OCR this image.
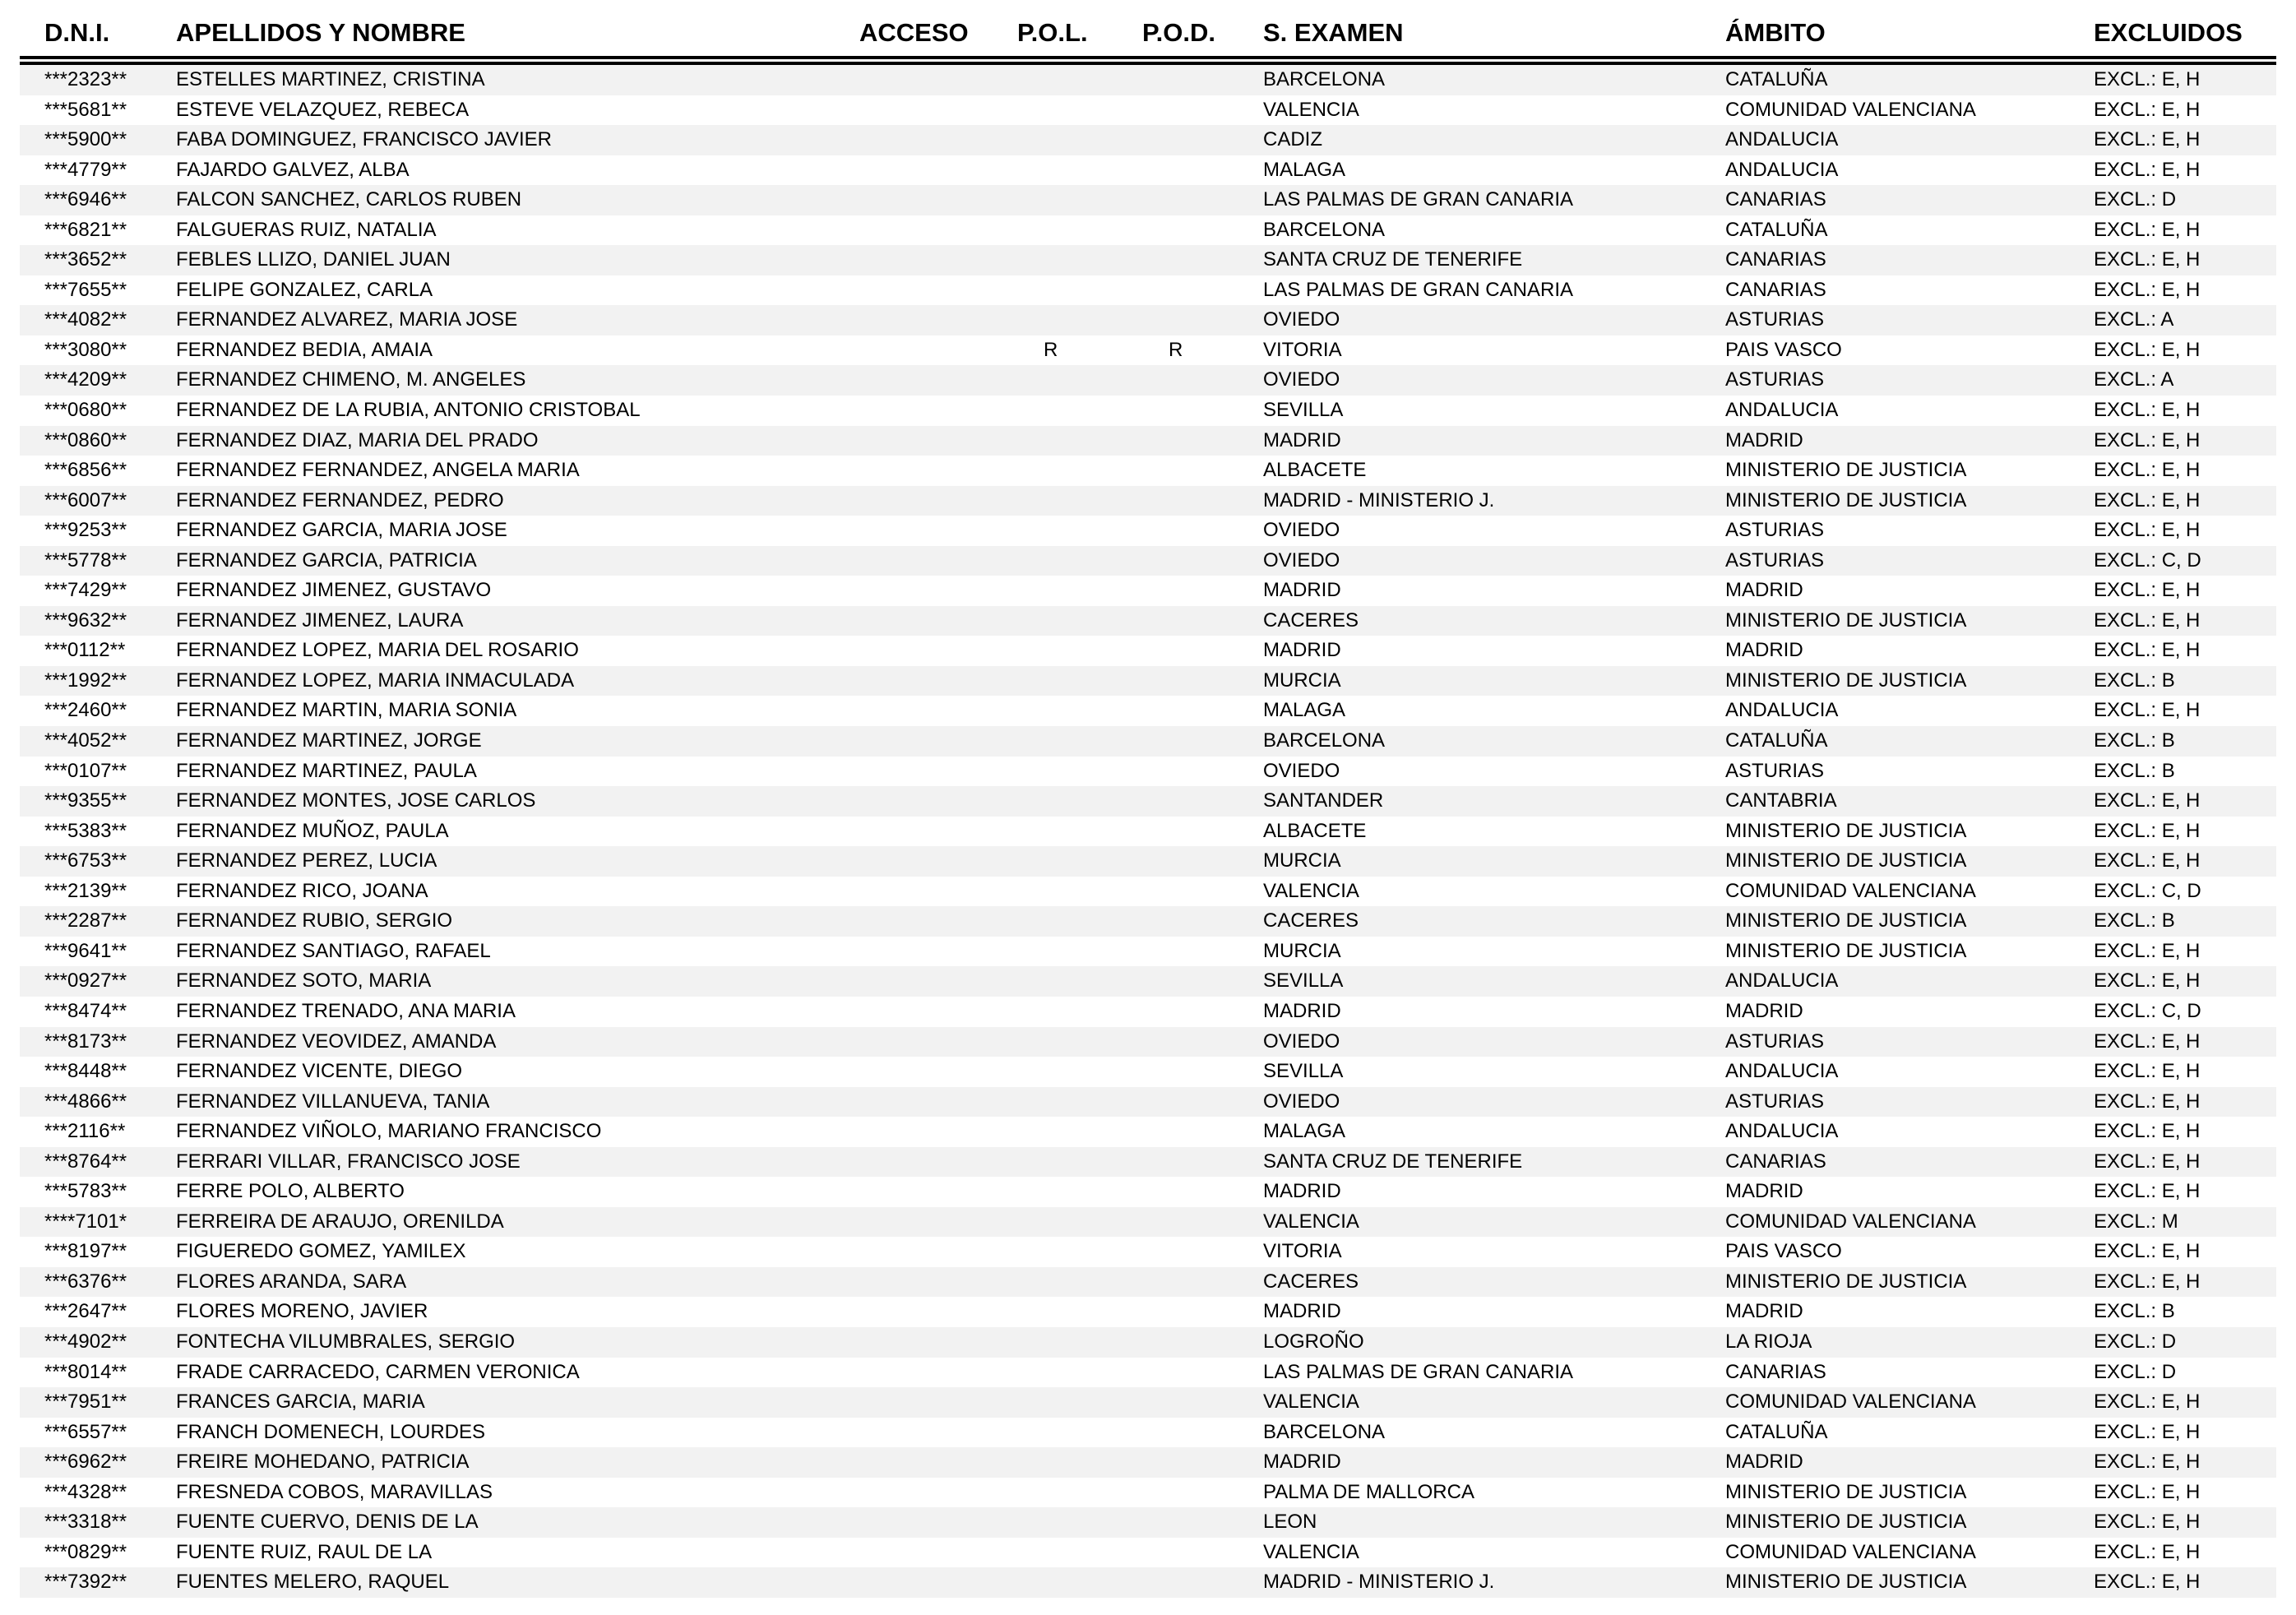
D.N.I.	APELLIDOS Y NOMBRE	ACCESO	P.O.L.	P.O.D.	S. EXAMEN	ÁMBITO	EXCLUIDOS
***2323**	ESTELLES MARTINEZ, CRISTINA				BARCELONA	CATALUÑA	EXCL.: E, H
***5681**	ESTEVE VELAZQUEZ, REBECA				VALENCIA	COMUNIDAD VALENCIANA	EXCL.: E, H
***5900**	FABA DOMINGUEZ, FRANCISCO JAVIER				CADIZ	ANDALUCIA	EXCL.: E, H
***4779**	FAJARDO GALVEZ, ALBA				MALAGA	ANDALUCIA	EXCL.: E, H
***6946**	FALCON SANCHEZ, CARLOS RUBEN				LAS PALMAS DE GRAN CANARIA	CANARIAS	EXCL.: D
***6821**	FALGUERAS RUIZ, NATALIA				BARCELONA	CATALUÑA	EXCL.: E, H
***3652**	FEBLES LLIZO, DANIEL JUAN				SANTA CRUZ DE TENERIFE	CANARIAS	EXCL.: E, H
***7655**	FELIPE GONZALEZ, CARLA				LAS PALMAS DE GRAN CANARIA	CANARIAS	EXCL.: E, H
***4082**	FERNANDEZ ALVAREZ, MARIA JOSE				OVIEDO	ASTURIAS	EXCL.: A
***3080**	FERNANDEZ BEDIA, AMAIA		R	R	VITORIA	PAIS VASCO	EXCL.: E, H
***4209**	FERNANDEZ CHIMENO, M. ANGELES				OVIEDO	ASTURIAS	EXCL.: A
***0680**	FERNANDEZ DE LA RUBIA, ANTONIO CRISTOBAL				SEVILLA	ANDALUCIA	EXCL.: E, H
***0860**	FERNANDEZ DIAZ, MARIA DEL PRADO				MADRID	MADRID	EXCL.: E, H
***6856**	FERNANDEZ FERNANDEZ, ANGELA MARIA				ALBACETE	MINISTERIO DE JUSTICIA	EXCL.: E, H
***6007**	FERNANDEZ FERNANDEZ, PEDRO				MADRID - MINISTERIO J.	MINISTERIO DE JUSTICIA	EXCL.: E, H
***9253**	FERNANDEZ GARCIA, MARIA JOSE				OVIEDO	ASTURIAS	EXCL.: E, H
***5778**	FERNANDEZ GARCIA, PATRICIA				OVIEDO	ASTURIAS	EXCL.: C, D
***7429**	FERNANDEZ JIMENEZ, GUSTAVO				MADRID	MADRID	EXCL.: E, H
***9632**	FERNANDEZ JIMENEZ, LAURA				CACERES	MINISTERIO DE JUSTICIA	EXCL.: E, H
***0112**	FERNANDEZ LOPEZ, MARIA DEL ROSARIO				MADRID	MADRID	EXCL.: E, H
***1992**	FERNANDEZ LOPEZ, MARIA INMACULADA				MURCIA	MINISTERIO DE JUSTICIA	EXCL.: B
***2460**	FERNANDEZ MARTIN, MARIA SONIA				MALAGA	ANDALUCIA	EXCL.: E, H
***4052**	FERNANDEZ MARTINEZ, JORGE				BARCELONA	CATALUÑA	EXCL.: B
***0107**	FERNANDEZ MARTINEZ, PAULA				OVIEDO	ASTURIAS	EXCL.: B
***9355**	FERNANDEZ MONTES, JOSE CARLOS				SANTANDER	CANTABRIA	EXCL.: E, H
***5383**	FERNANDEZ MUÑOZ, PAULA				ALBACETE	MINISTERIO DE JUSTICIA	EXCL.: E, H
***6753**	FERNANDEZ PEREZ, LUCIA				MURCIA	MINISTERIO DE JUSTICIA	EXCL.: E, H
***2139**	FERNANDEZ RICO, JOANA				VALENCIA	COMUNIDAD VALENCIANA	EXCL.: C, D
***2287**	FERNANDEZ RUBIO, SERGIO				CACERES	MINISTERIO DE JUSTICIA	EXCL.: B
***9641**	FERNANDEZ SANTIAGO, RAFAEL				MURCIA	MINISTERIO DE JUSTICIA	EXCL.: E, H
***0927**	FERNANDEZ SOTO, MARIA				SEVILLA	ANDALUCIA	EXCL.: E, H
***8474**	FERNANDEZ TRENADO, ANA MARIA				MADRID	MADRID	EXCL.: C, D
***8173**	FERNANDEZ VEOVIDEZ, AMANDA				OVIEDO	ASTURIAS	EXCL.: E, H
***8448**	FERNANDEZ VICENTE, DIEGO				SEVILLA	ANDALUCIA	EXCL.: E, H
***4866**	FERNANDEZ VILLANUEVA, TANIA				OVIEDO	ASTURIAS	EXCL.: E, H
***2116**	FERNANDEZ VIÑOLO, MARIANO FRANCISCO				MALAGA	ANDALUCIA	EXCL.: E, H
***8764**	FERRARI VILLAR, FRANCISCO JOSE				SANTA CRUZ DE TENERIFE	CANARIAS	EXCL.: E, H
***5783**	FERRE POLO, ALBERTO				MADRID	MADRID	EXCL.: E, H
****7101*	FERREIRA DE ARAUJO, ORENILDA				VALENCIA	COMUNIDAD VALENCIANA	EXCL.: M
***8197**	FIGUEREDO GOMEZ, YAMILEX				VITORIA	PAIS VASCO	EXCL.: E, H
***6376**	FLORES ARANDA, SARA				CACERES	MINISTERIO DE JUSTICIA	EXCL.: E, H
***2647**	FLORES MORENO, JAVIER				MADRID	MADRID	EXCL.: B
***4902**	FONTECHA VILUMBRALES, SERGIO				LOGROÑO	LA RIOJA	EXCL.: D
***8014**	FRADE CARRACEDO, CARMEN VERONICA				LAS PALMAS DE GRAN CANARIA	CANARIAS	EXCL.: D
***7951**	FRANCES GARCIA, MARIA				VALENCIA	COMUNIDAD VALENCIANA	EXCL.: E, H
***6557**	FRANCH DOMENECH, LOURDES				BARCELONA	CATALUÑA	EXCL.: E, H
***6962**	FREIRE MOHEDANO, PATRICIA				MADRID	MADRID	EXCL.: E, H
***4328**	FRESNEDA COBOS, MARAVILLAS				PALMA DE MALLORCA	MINISTERIO DE JUSTICIA	EXCL.: E, H
***3318**	FUENTE CUERVO, DENIS DE LA				LEON	MINISTERIO DE JUSTICIA	EXCL.: E, H
***0829**	FUENTE RUIZ, RAUL DE LA				VALENCIA	COMUNIDAD VALENCIANA	EXCL.: E, H
***7392**	FUENTES MELERO, RAQUEL				MADRID - MINISTERIO J.	MINISTERIO DE JUSTICIA	EXCL.: E, H
